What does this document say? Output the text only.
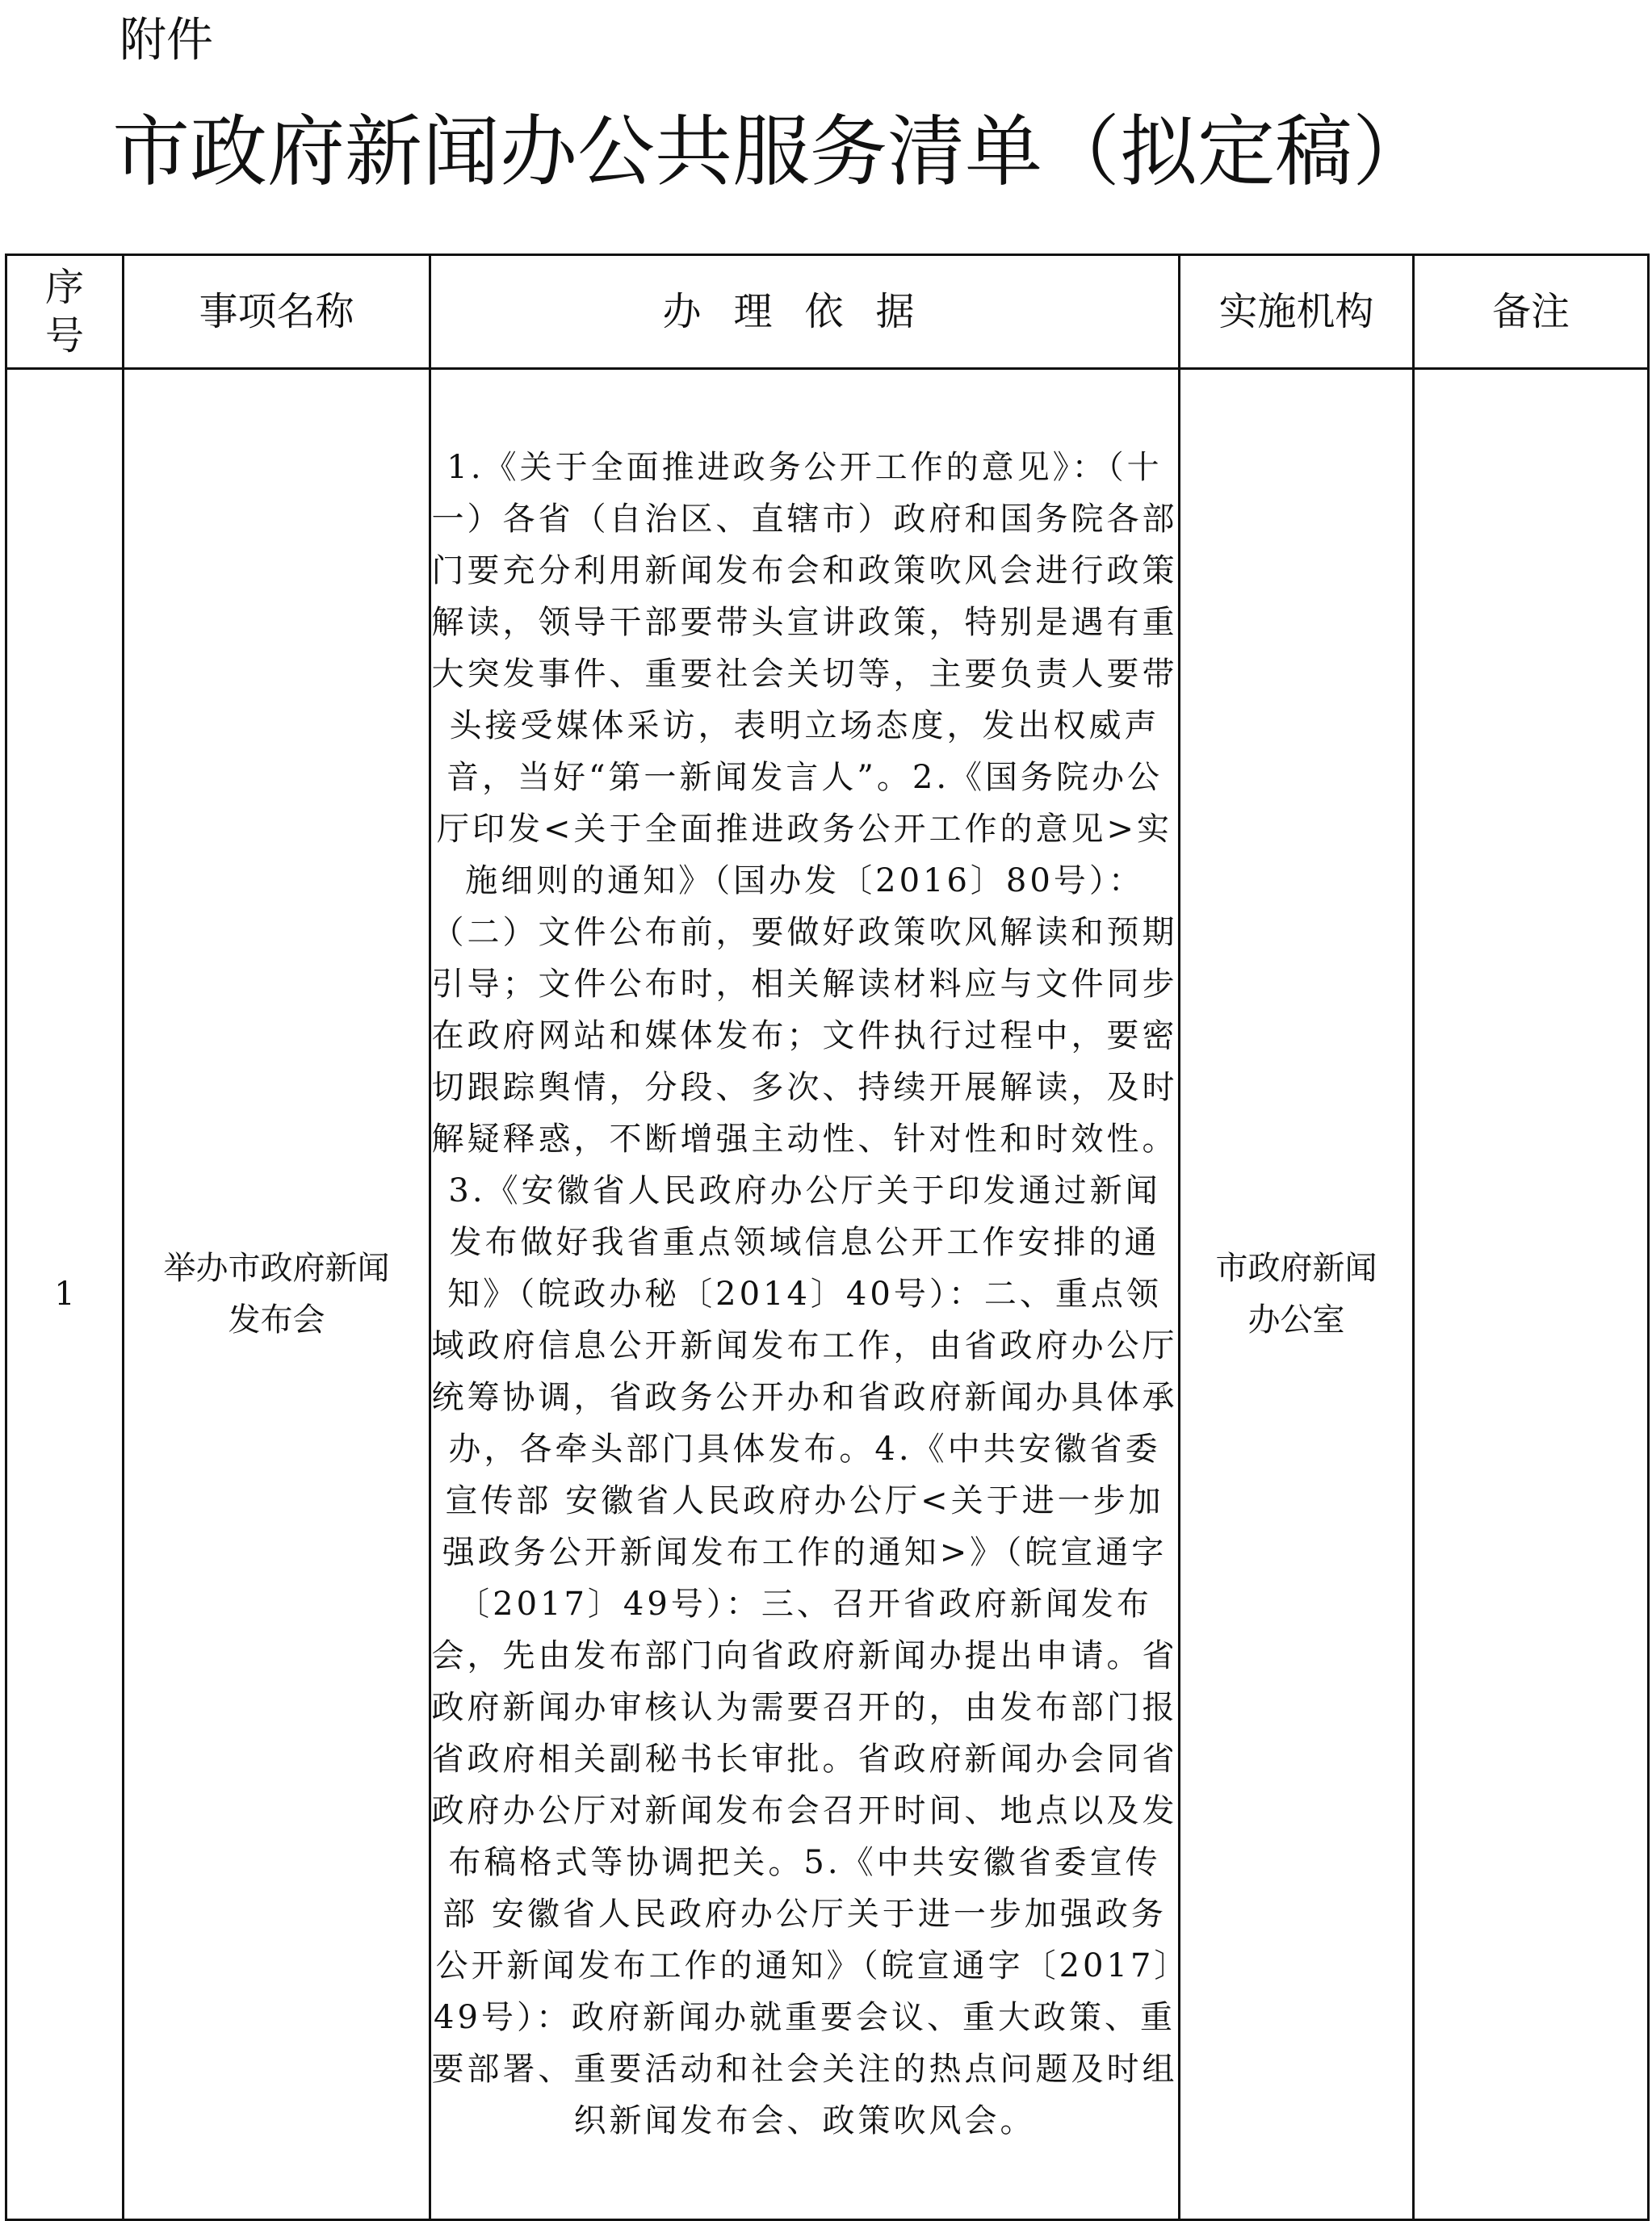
附件
市政府新闻办公共服务清单（拟定稿）
序
号	事项名称	办理依据	实施机构	备注
1	举办市政府新闻发布会	1.《关于全面推进政务公开工作的意见》：（十一）各省（自治区、直辖市）政府和国务院各部门要充分利用新闻发布会和政策吹风会进行政策解读，领导干部要带头宣讲政策，特别是遇有重大突发事件、重要社会关切等，主要负责人要带头接受媒体采访，表明立场态度，发出权威声音，当好“第一新闻发言人”。2.《国务院办公厅印发<关于全面推进政务公开工作的意见>实施细则的通知》（国办发〔2016〕80号）：（二）文件公布前，要做好政策吹风解读和预期引导；文件公布时，相关解读材料应与文件同步在政府网站和媒体发布；文件执行过程中，要密切跟踪舆情，分段、多次、持续开展解读，及时解疑释惑，不断增强主动性、针对性和时效性。3.《安徽省人民政府办公厅关于印发通过新闻发布做好我省重点领域信息公开工作安排的通知》（皖政办秘〔2014〕40号）：二、重点领域政府信息公开新闻发布工作，由省政府办公厅统筹协调，省政务公开办和省政府新闻办具体承办，各牵头部门具体发布。4.《中共安徽省委宣传部 安徽省人民政府办公厅<关于进一步加强政务公开新闻发布工作的通知>》（皖宣通字〔2017〕49号）：三、召开省政府新闻发布会，先由发布部门向省政府新闻办提出申请。省政府新闻办审核认为需要召开的，由发布部门报省政府相关副秘书长审批。省政府新闻办会同省政府办公厅对新闻发布会召开时间、地点以及发布稿格式等协调把关。5.《中共安徽省委宣传部 安徽省人民政府办公厅关于进一步加强政务公开新闻发布工作的通知》（皖宣通字〔2017〕49号）：政府新闻办就重要会议、重大政策、重要部署、重要活动和社会关注的热点问题及时组织新闻发布会、政策吹风会。	市政府新闻办公室	
